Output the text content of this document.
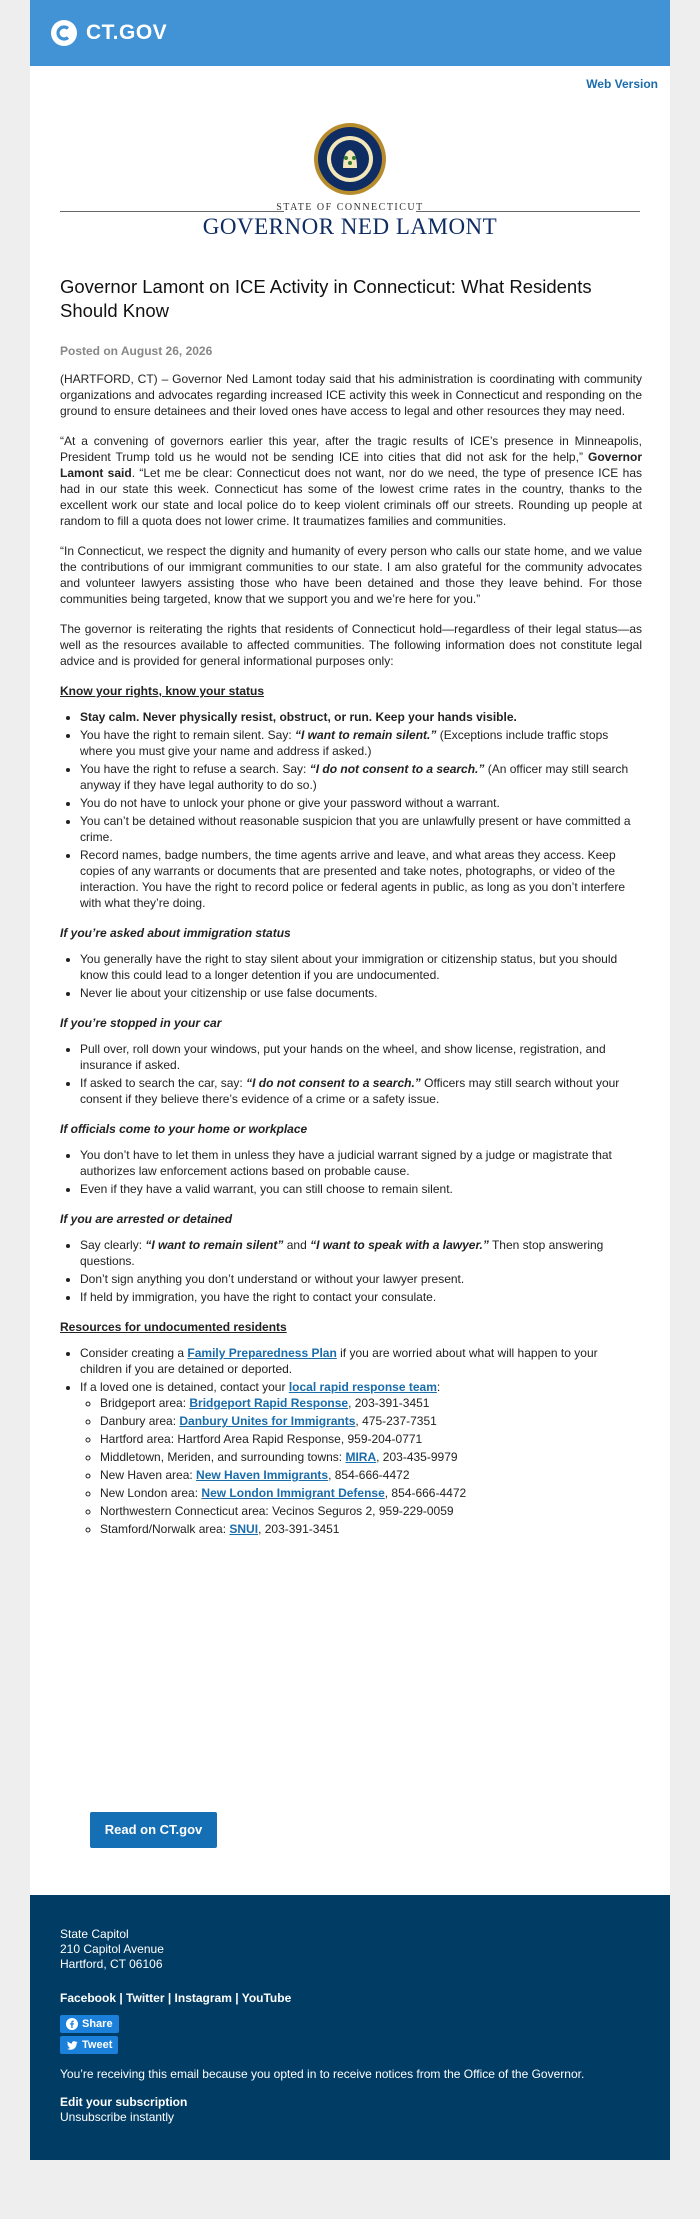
CT.GOV
Web Version
STATE OF CONNECTICUT
GOVERNOR NED LAMONT
Governor Lamont on ICE Activity in Connecticut: What Residents Should Know
Posted on August 26, 2026

(HARTFORD, CT) – Governor Ned Lamont today said that his administration is coordinating with community organizations and advocates regarding increased ICE activity this week in Connecticut and responding on the ground to ensure detainees and their loved ones have access to legal and other resources they may need.

“At a convening of governors earlier this year, after the tragic results of ICE’s presence in Minneapolis, President Trump told us he would not be sending ICE into cities that did not ask for the help,” Governor Lamont said. “Let me be clear: Connecticut does not want, nor do we need, the type of presence ICE has had in our state this week. Connecticut has some of the lowest crime rates in the country, thanks to the excellent work our state and local police do to keep violent criminals off our streets. Rounding up people at random to fill a quota does not lower crime. It traumatizes families and communities.

“In Connecticut, we respect the dignity and humanity of every person who calls our state home, and we value the contributions of our immigrant communities to our state. I am also grateful for the community advocates and volunteer lawyers assisting those who have been detained and those they leave behind. For those communities being targeted, know that we support you and we’re here for you.”

The governor is reiterating the rights that residents of Connecticut hold—regardless of their legal status—as well as the resources available to affected communities. The following information does not constitute legal advice and is provided for general informational purposes only:

Know your rights, know your status
• Stay calm. Never physically resist, obstruct, or run. Keep your hands visible.
• You have the right to remain silent. Say: “I want to remain silent.” (Exceptions include traffic stops where you must give your name and address if asked.)
• You have the right to refuse a search. Say: “I do not consent to a search.” (An officer may still search anyway if they have legal authority to do so.)
• You do not have to unlock your phone or give your password without a warrant.
• You can’t be detained without reasonable suspicion that you are unlawfully present or have committed a crime.
• Record names, badge numbers, the time agents arrive and leave, and what areas they access. Keep copies of any warrants or documents that are presented and take notes, photographs, or video of the interaction. You have the right to record police or federal agents in public, as long as you don’t interfere with what they’re doing.
If you’re asked about immigration status
• You generally have the right to stay silent about your immigration or citizenship status, but you should know this could lead to a longer detention if you are undocumented.
• Never lie about your citizenship or use false documents.
If you’re stopped in your car
• Pull over, roll down your windows, put your hands on the wheel, and show license, registration, and insurance if asked.
• If asked to search the car, say: “I do not consent to a search.” Officers may still search without your consent if they believe there’s evidence of a crime or a safety issue.
If officials come to your home or workplace
• You don’t have to let them in unless they have a judicial warrant signed by a judge or magistrate that authorizes law enforcement actions based on probable cause.
• Even if they have a valid warrant, you can still choose to remain silent.
If you are arrested or detained
• Say clearly: “I want to remain silent” and “I want to speak with a lawyer.” Then stop answering questions.
• Don’t sign anything you don’t understand or without your lawyer present.
• If held by immigration, you have the right to contact your consulate.
Resources for undocumented residents
• Consider creating a Family Preparedness Plan if you are worried about what will happen to your children if you are detained or deported.
• If a loved one is detained, contact your local rapid response team:
◦ Bridgeport area: Bridgeport Rapid Response, 203-391-3451
◦ Danbury area: Danbury Unites for Immigrants, 475-237-7351
◦ Hartford area: Hartford Area Rapid Response, 959-204-0771
◦ Middletown, Meriden, and surrounding towns: MIRA, 203-435-9979
◦ New Haven area: New Haven Immigrants, 854-666-4472
◦ New London area: New London Immigrant Defense, 854-666-4472
◦ Northwestern Connecticut area: Vecinos Seguros 2, 959-229-0059
◦ Stamford/Norwalk area: SNUI, 203-391-3451
Read on CT.gov
State Capitol
210 Capitol Avenue
Hartford, CT 06106
Facebook | Twitter | Instagram | YouTube
Share
Tweet
You’re receiving this email because you opted in to receive notices from the Office of the Governor.
Edit your subscription
Unsubscribe instantly
